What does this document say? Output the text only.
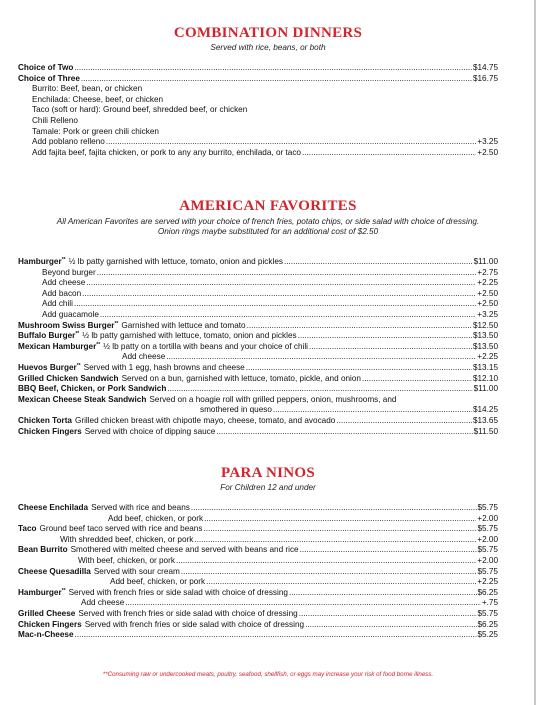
COMBINATION DINNERS
Served with rice, beans, or both
Choice of Two .....	$14.75
Choice of Three .....	$16.75
Burrito: Beef, bean, or chicken
Enchilada: Cheese, beef, or chicken
Taco (soft or hard): Ground beef, shredded beef, or chicken
Chili Relleno
Tamale: Pork or green chili chicken
Add poblano relleno .....	+3.25
Add fajita beef, fajita chicken, or pork to any any burrito, enchilada, or taco .....	+2.50
AMERICAN FAVORITES
All American Favorites are served with your choice of french fries, potato chips, or side salad with choice of dressing.
Onion rings maybe substituted for an additional cost of $2.50
Hamburger** ½ lb patty garnished with lettuce, tomato, onion and pickles .....	$11.00
Beyond burger .....	+2.75
Add cheese .....	+2.25
Add bacon .....	+2.50
Add chili .....	+2.50
Add guacamole .....	+3.25
Mushroom Swiss Burger** Garnished with lettuce and tomato .....	$12.50
Buffalo Burger** ½ lb patty garnished with lettuce, tomato, onion and pickles .....	$13.50
Mexican Hamburger** ½ lb patty on a tortilla with beans and your choice of chili .....	$13.50
Add cheese .....	+2.25
Huevos Burger** Served with 1 egg, hash browns and cheese .....	$13.15
Grilled Chicken Sandwich Served on a bun, garnished with lettuce, tomato, pickle, and onion .....	$12.10
BBQ Beef, Chicken, or Pork Sandwich .....	$11.00
Mexican Cheese Steak Sandwich Served on a hoagie roll with grilled peppers, onion, mushrooms, and
smothered in queso .....	$14.25
Chicken Torta Grilled chicken breast with chipotle mayo, cheese, tomato, and avocado .....	$13.65
Chicken Fingers Served with choice of dipping sauce .....	$11.50
PARA NINOS
For Children 12 and under
Cheese Enchilada Served with rice and beans .....	$5.75
Add beef, chicken, or pork .....	+2.00
Taco Ground beef taco served with rice and beans .....	$5.75
With shredded beef, chicken, or pork .....	+2.00
Bean Burrito Smothered with melted cheese and served with beans and rice .....	$5.75
With beef, chicken, or pork .....	+2.00
Cheese Quesadilla Served with sour cream .....	$5.75
Add beef, chicken, or pork .....	+2.25
Hamburger** Served with french fries or side salad with choice of dressing .....	$6.25
Add cheese .....	+.75
Grilled Cheese Served with french fries or side salad with choice of dressing .....	$5.75
Chicken Fingers Served with french fries or side salad with choice of dressing .....	$6.25
Mac-n-Cheese .....	$5.25
**Consuming raw or undercooked meats, poultry, seafood, shellfish, or eggs may increase your risk of food borne illness.
